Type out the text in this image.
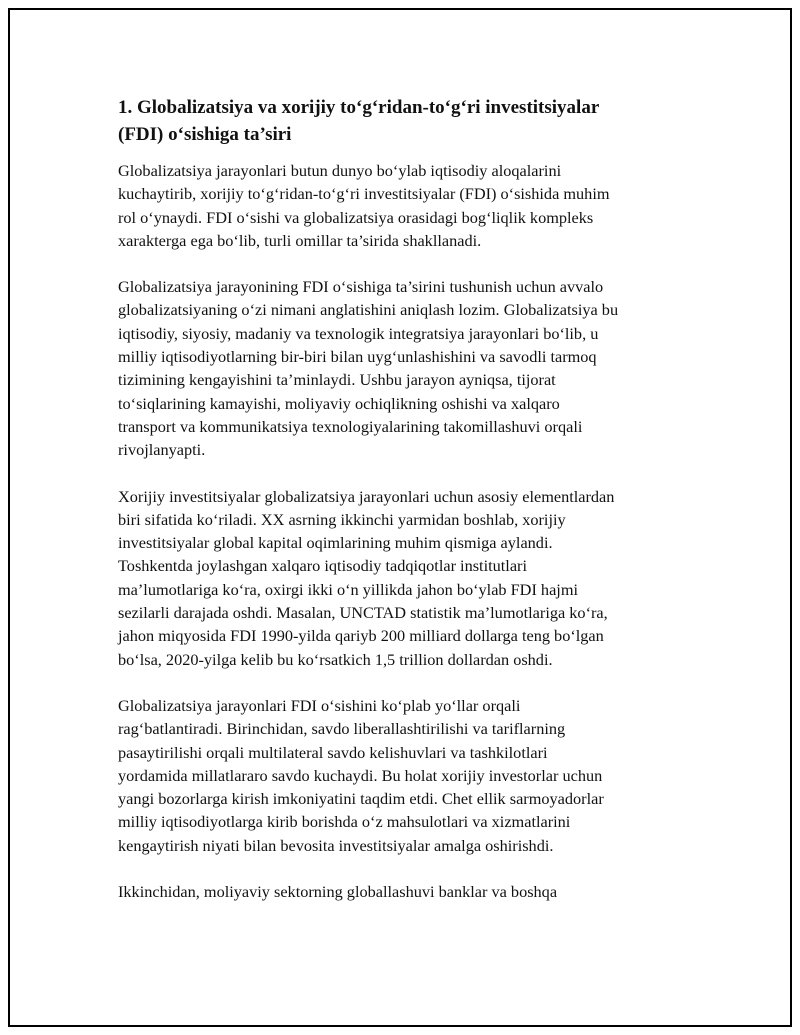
1. Globalizatsiya va xorijiy to‘g‘ridan-to‘g‘ri investitsiyalar
(FDI) o‘sishiga ta’siri

Globalizatsiya jarayonlari butun dunyo bo‘ylab iqtisodiy aloqalarini
kuchaytirib, xorijiy to‘g‘ridan-to‘g‘ri investitsiyalar (FDI) o‘sishida muhim
rol o‘ynaydi. FDI o‘sishi va globalizatsiya orasidagi bog‘liqlik kompleks
xarakterga ega bo‘lib, turli omillar ta’sirida shakllanadi.

Globalizatsiya jarayonining FDI o‘sishiga ta’sirini tushunish uchun avvalo
globalizatsiyaning o‘zi nimani anglatishini aniqlash lozim. Globalizatsiya bu
iqtisodiy, siyosiy, madaniy va texnologik integratsiya jarayonlari bo‘lib, u
milliy iqtisodiyotlarning bir-biri bilan uyg‘unlashishini va savodli tarmoq
tizimining kengayishini ta’minlaydi. Ushbu jarayon ayniqsa, tijorat
to‘siqlarining kamayishi, moliyaviy ochiqlikning oshishi va xalqaro
transport va kommunikatsiya texnologiyalarining takomillashuvi orqali
rivojlanyapti.

Xorijiy investitsiyalar globalizatsiya jarayonlari uchun asosiy elementlardan
biri sifatida ko‘riladi. XX asrning ikkinchi yarmidan boshlab, xorijiy
investitsiyalar global kapital oqimlarining muhim qismiga aylandi.
Toshkentda joylashgan xalqaro iqtisodiy tadqiqotlar institutlari
ma’lumotlariga ko‘ra, oxirgi ikki o‘n yillikda jahon bo‘ylab FDI hajmi
sezilarli darajada oshdi. Masalan, UNCTAD statistik ma’lumotlariga ko‘ra,
jahon miqyosida FDI 1990-yilda qariyb 200 milliard dollarga teng bo‘lgan
bo‘lsa, 2020-yilga kelib bu ko‘rsatkich 1,5 trillion dollardan oshdi.

Globalizatsiya jarayonlari FDI o‘sishini ko‘plab yo‘llar orqali
rag‘batlantiradi. Birinchidan, savdo liberallashtirilishi va tariflarning
pasaytirilishi orqali multilateral savdo kelishuvlari va tashkilotlari
yordamida millatlararo savdo kuchaydi. Bu holat xorijiy investorlar uchun
yangi bozorlarga kirish imkoniyatini taqdim etdi. Chet ellik sarmoyadorlar
milliy iqtisodiyotlarga kirib borishda o‘z mahsulotlari va xizmatlarini
kengaytirish niyati bilan bevosita investitsiyalar amalga oshirishdi.

Ikkinchidan, moliyaviy sektorning globallashuvi banklar va boshqa
